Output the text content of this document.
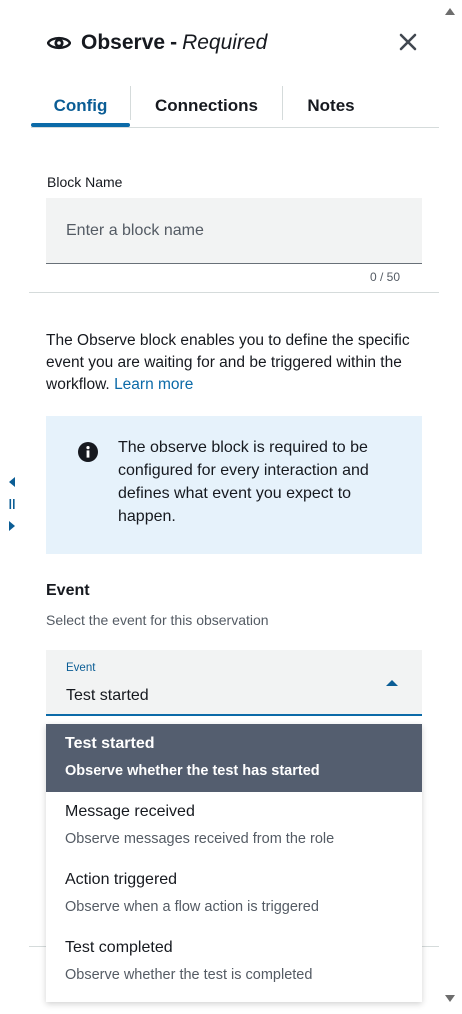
Observe - Required
Config	Connections	Notes
Block Name
Enter a block name
0 / 50
The Observe block enables you to define the specific event you are waiting for and be triggered within the workflow. Learn more
The observe block is required to be configured for every interaction and defines what event you expect to happen.
Event
Select the event for this observation
Event
Test started
Test started
Observe whether the test has started
Message received
Observe messages received from the role
Action triggered
Observe when a flow action is triggered
Test completed
Observe whether the test is completed
